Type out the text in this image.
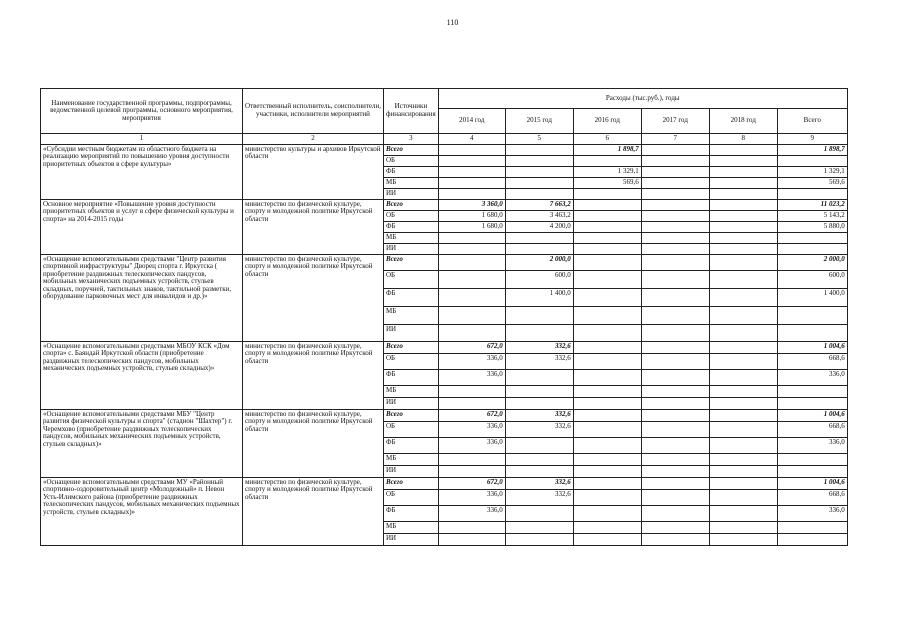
110
Наименование государственной программы, подпрограммы, ведомственной целевой программы, основного мероприятия, мероприятия	Ответственный исполнитель, соисполнители, участники, исполнители мероприятий	Источники финансирования	Расходы (тыс.руб.), годы					
			2014 год	2015 год	2016 год	2017 год	2018 год	Всего
1	2	3	4	5	6	7	8	9
«Субсидии местным бюджетам из областного бюджета на реализацию мероприятий по повышению уровня доступности приоритетных объектов в сфере культуры»	министерство культуры и архивов Иркутской области	Всего			1 898,7			1 898,7
		ОБ						
		ФБ			1 329,1			1 329,1
		МБ			569,6			569,6
		ИИ						
Основное мероприятие «Повышение уровня доступности приоритетных объектов и услуг в сфере физической культуры и спорта» на 2014-2015 годы	министерство по физической культуре, спорту и молодежной политике Иркутской области	Всего	3 360,0	7 663,2				11 023,2
		ОБ	1 680,0	3 463,2				5 143,2
		ФБ	1 680,0	4 200,0				5 880,0
		МБ						
		ИИ						
«Оснащение вспомогательными средствами "Центр развития спортивной инфраструктуры" Дворец спорта г. Иркутска ( приобретение раздвижных телескопических пандусов, мобильных механических подъемных устройств, стульев складных, поручней, тактильных знаков, тактильной разметки, оборудование парковочных мест для инвалидов и др.)»	министерство по физической культуре, спорту и молодежной политике Иркутской области	Всего		2 000,0				2 000,0
		ОБ		600,0				600,0
		ФБ		1 400,0				1 400,0
		МБ						
		ИИ						
«Оснащение вспомогательными средствами МБОУ КСК «Дом спорта» с. Баяндай Иркутской области (приобретение раздвижных телескопических пандусов, мобильных механических подъемных устройств, стульев складных)»	министерство по физической культуре, спорту и молодежной политике Иркутской области	Всего	672,0	332,6				1 004,6
		ОБ	336,0	332,6				668,6
		ФБ	336,0					336,0
		МБ						
		ИИ						
«Оснащение вспомогательными средствами МБУ "Центр развития физической культуры и спорта" (стадион "Шахтер") г. Черемхово (приобретение раздвижных телескопических пандусов, мобильных механических подъемных устройств, стульев складных)»	министерство по физической культуре, спорту и молодежной политике Иркутской области	Всего	672,0	332,6				1 004,6
		ОБ	336,0	332,6				668,6
		ФБ	336,0					336,0
		МБ						
		ИИ						
«Оснащение вспомогательными средствами МУ «Районный спортивно-оздоровительный центр «Молодежный» п. Невон Усть-Илимского района (приобретение раздвижных телескопических пандусов, мобильных механических подъемных устройств, стульев складных)»	министерство по физической культуре, спорту и молодежной политике Иркутской области	Всего	672,0	332,6				1 004,6
		ОБ	336,0	332,6				668,6
		ФБ	336,0					336,0
		МБ						
		ИИ						
